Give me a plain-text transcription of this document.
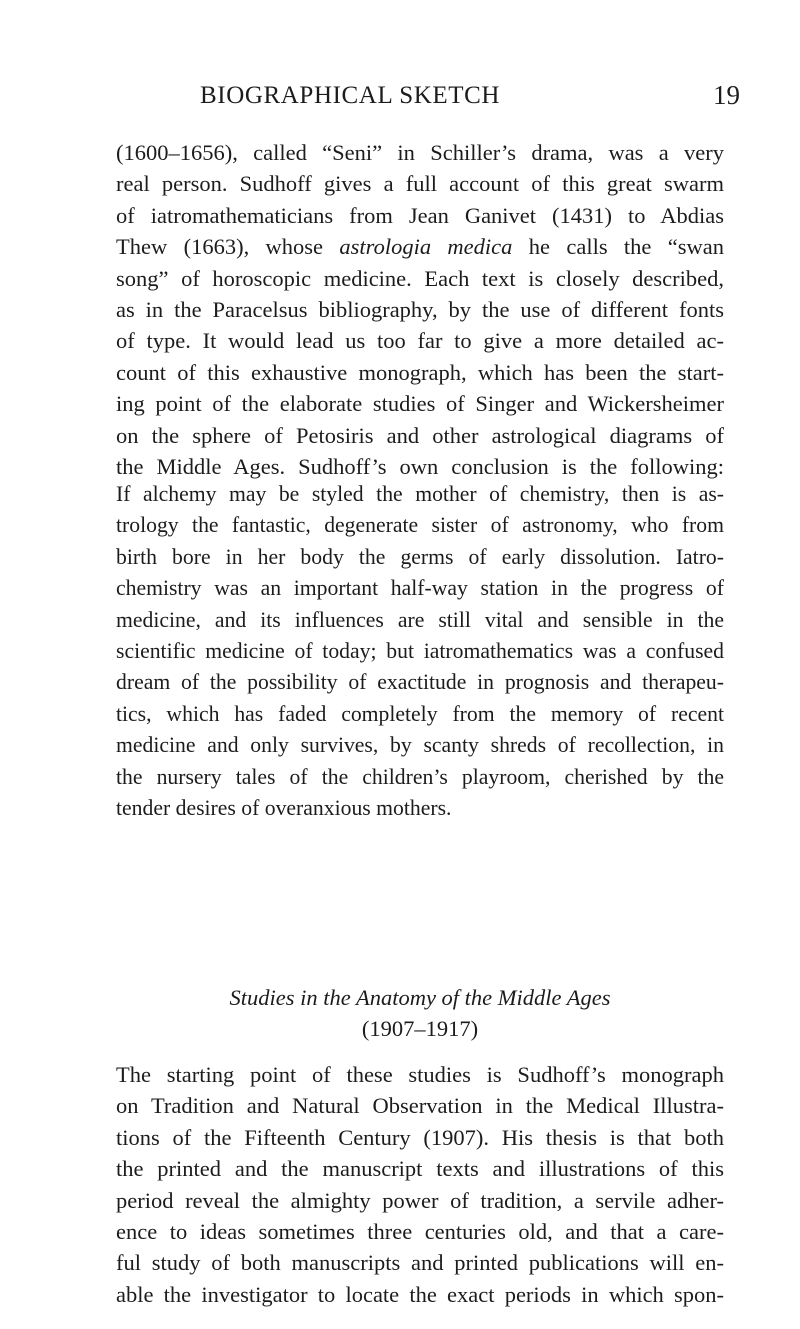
BIOGRAPHICAL SKETCH	19
(1600–1656), called “Seni” in Schiller’s drama, was a very
real person. Sudhoff gives a full account of this great swarm
of iatromathematicians from Jean Ganivet (1431) to Abdias
Thew (1663), whose astrologia medica he calls the “swan
song” of horoscopic medicine. Each text is closely described,
as in the Paracelsus bibliography, by the use of different fonts
of type. It would lead us too far to give a more detailed ac-
count of this exhaustive monograph, which has been the start-
ing point of the elaborate studies of Singer and Wickersheimer
on the sphere of Petosiris and other astrological diagrams of
the Middle Ages. Sudhoff’s own conclusion is the following:
If alchemy may be styled the mother of chemistry, then is as-
trology the fantastic, degenerate sister of astronomy, who from
birth bore in her body the germs of early dissolution. Iatro-
chemistry was an important half-way station in the progress of
medicine, and its influences are still vital and sensible in the
scientific medicine of today; but iatromathematics was a confused
dream of the possibility of exactitude in prognosis and therapeu-
tics, which has faded completely from the memory of recent
medicine and only survives, by scanty shreds of recollection, in
the nursery tales of the children’s playroom, cherished by the
tender desires of overanxious mothers.
Studies in the Anatomy of the Middle Ages
(1907–1917)
The starting point of these studies is Sudhoff’s monograph
on Tradition and Natural Observation in the Medical Illustra-
tions of the Fifteenth Century (1907). His thesis is that both
the printed and the manuscript texts and illustrations of this
period reveal the almighty power of tradition, a servile adher-
ence to ideas sometimes three centuries old, and that a care-
ful study of both manuscripts and printed publications will en-
able the investigator to locate the exact periods in which spon-
